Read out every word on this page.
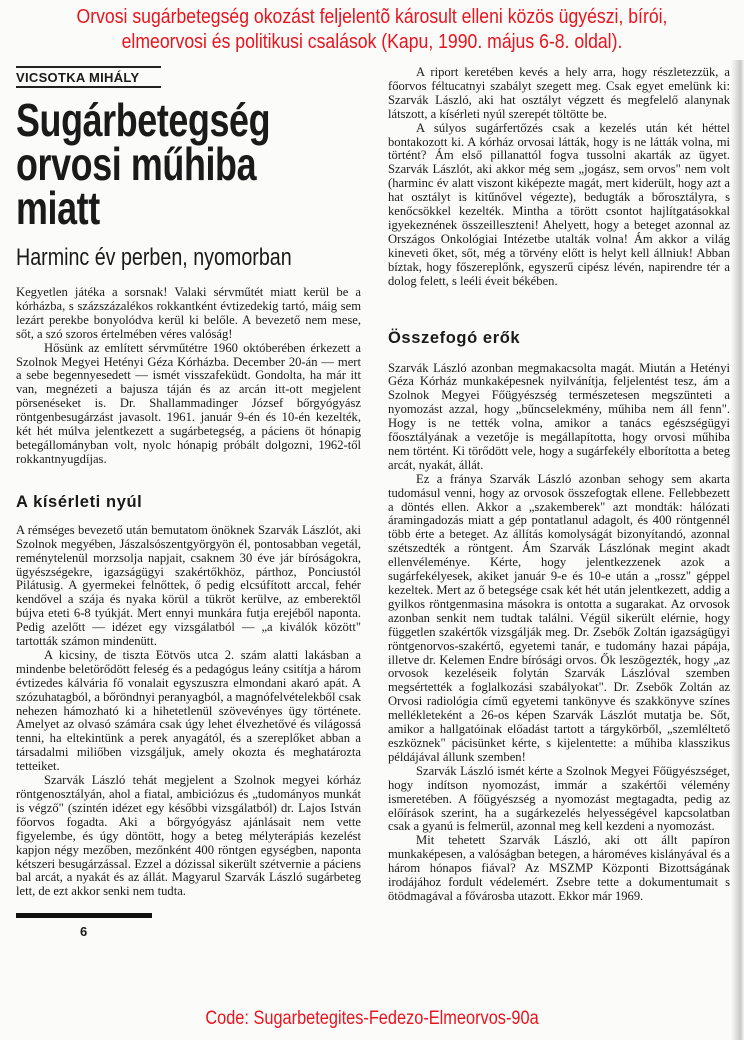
Orvosi sugárbetegség okozást feljelentõ károsult elleni közös ügyészi, bírói,
elmeorvosi és politikusi csalások (Kapu, 1990. május 6-8. oldal).
VICSOTKA MIHÁLY
Sugárbetegség
orvosi műhiba
miatt
Harminc év perben, nyomorban

Kegyetlen játéka a sorsnak! Valaki sérvműtét miatt kerül be a kórházba, s százszázalékos rokkantként évtizedekig tartó, máig sem lezárt perekbe bonyolódva kerül ki belőle. A bevezető nem mese, sőt, a szó szoros értelmében véres valóság!

Hősünk az említett sérvműtétre 1960 októberében érkezett a Szolnok Megyei Hetényi Géza Kórházba. December 20-án — mert a sebe begennyesedett — ismét visszafeküdt. Gondolta, ha már itt van, megnézeti a bajusza táján és az arcán itt-ott megjelent pörsenéseket is. Dr. Shallammadinger József bőrgyógyász röntgenbesugárzást javasolt. 1961. január 9-én és 10-én kezelték, két hét múlva jelentkezett a sugárbetegség, a páciens öt hónapig betegállományban volt, nyolc hónapig próbált dolgozni, 1962-től rokkantnyugdíjas.

A kísérleti nyúl

A rémséges bevezető után bemutatom önöknek Szarvák Lászlót, aki Szolnok megyében, Jászalsószentgyörgyön él, pontosabban vegetál, reménytelenül morzsolja napjait, csaknem 30 éve jár bíróságokra, ügyészségekre, igazságügyi szakértőkhöz, párthoz, Ponciustól Pilátusig. A gyermekei felnőttek, ő pedig elcsúfított arccal, fehér kendővel a szája és nyaka körül a tükröt kerülve, az emberektől bújva eteti 6-8 tyúkját. Mert ennyi munkára futja erejéből naponta. Pedig azelőtt — idézet egy vizsgálatból — „a kiválók között" tartották számon mindenütt.

A kicsiny, de tiszta Eötvös utca 2. szám alatti lakásban a mindenbe beletörődött feleség és a pedagógus leány csitítja a három évtizedes kálvária fő vonalait egyszuszra elmondani akaró apát. A szózuhatagból, a bőröndnyi peranyagból, a magnófelvételekből csak nehezen hámozható ki a hihetetlenül szövevényes ügy története. Amelyet az olvasó számára csak úgy lehet élvezhetővé és világossá tenni, ha eltekintünk a perek anyagától, és a szereplőket abban a társadalmi miliőben vizsgáljuk, amely okozta és meghatározta tetteiket.

Szarvák László tehát megjelent a Szolnok megyei kórház röntgenosztályán, ahol a fiatal, ambiciózus és „tudományos munkát is végző" (szintén idézet egy későbbi vizsgálatból) dr. Lajos István főorvos fogadta. Aki a bőrgyógyász ajánlásait nem vette figyelembe, és úgy döntött, hogy a beteg mélyterápiás kezelést kapjon négy mezőben, mezőnként 400 röntgen egységben, naponta kétszeri besugárzással. Ezzel a dózissal sikerült szétvernie a páciens bal arcát, a nyakát és az állát. Magyarul Szarvák László sugárbeteg lett, de ezt akkor senki nem tudta.

6

A riport keretében kevés a hely arra, hogy részletezzük, a főorvos féltucatnyi szabályt szegett meg. Csak egyet emelünk ki: Szarvák László, aki hat osztályt végzett és megfelelő alanynak látszott, a kísérleti nyúl szerepét töltötte be.

A súlyos sugárfertőzés csak a kezelés után két héttel bontakozott ki. A kórház orvosai látták, hogy is ne látták volna, mi történt? Ám első pillanattól fogva tussolni akarták az ügyet. Szarvák Lászlót, aki akkor még sem „jogász, sem orvos" nem volt (harminc év alatt viszont kiképezte magát, mert kiderült, hogy azt a hat osztályt is kitűnővel végezte), bedugták a bőrosztályra, s kenőcsökkel kezelték. Mintha a törött csontot hajlítgatásokkal igyekeznének összeilleszteni! Ahelyett, hogy a beteget azonnal az Országos Onkológiai Intézetbe utalták volna! Ám akkor a világ kineveti őket, sőt, még a törvény előtt is helyt kell állniuk! Abban bíztak, hogy főszereplőnk, egyszerű cipész lévén, napirendre tér a dolog felett, s leéli éveit békében.

Összefogó erők

Szarvák László azonban megmakacsolta magát. Miután a Hetényi Géza Kórház munkaképesnek nyilvánítja, feljelentést tesz, ám a Szolnok Megyei Főügyészség természetesen megszünteti a nyomozást azzal, hogy „bűncselekmény, műhiba nem áll fenn". Hogy is ne tették volna, amikor a tanács egészségügyi főosztályának a vezetője is megállapította, hogy orvosi műhiba nem történt. Ki törődött vele, hogy a sugárfekély elborította a beteg arcát, nyakát, állát.

Ez a fránya Szarvák László azonban sehogy sem akarta tudomásul venni, hogy az orvosok összefogtak ellene. Fellebbezett a döntés ellen. Akkor a „szakemberek" azt mondták: hálózati áramingadozás miatt a gép pontatlanul adagolt, és 400 röntgennél több érte a beteget. Az állítás komolyságát bizonyítandó, azonnal szétszedték a röntgent. Ám Szarvák Lászlónak megint akadt ellenvéleménye. Kérte, hogy jelentkezzenek azok a sugárfekélyesek, akiket január 9-e és 10-e után a „rossz" géppel kezeltek. Mert az ő betegsége csak két hét után jelentkezett, addig a gyilkos röntgenmasina másokra is ontotta a sugarakat. Az orvosok azonban senkit nem tudtak találni. Végül sikerült elérnie, hogy független szakértők vizsgálják meg. Dr. Zsebők Zoltán igazságügyi röntgenorvos-szakértő, egyetemi tanár, e tudomány hazai pápája, illetve dr. Kelemen Endre bírósági orvos. Ők leszögezték, hogy „az orvosok kezeléseik folytán Szarvák Lászlóval szemben megsértették a foglalkozási szabályokat". Dr. Zsebők Zoltán az Orvosi radiológia című egyetemi tankönyve és szakkönyve színes mellékleteként a 26-os képen Szarvák Lászlót mutatja be. Sőt, amikor a hallgatóinak előadást tartott a tárgykörből, „szemléltető eszköznek" pácisünket kérte, s kijelentette: a műhiba klasszikus példájával állunk szemben!

Szarvák László ismét kérte a Szolnok Megyei Főügyészséget, hogy indítson nyomozást, immár a szakértői vélemény ismeretében. A főügyészség a nyomozást megtagadta, pedig az előírások szerint, ha a sugárkezelés helyességével kapcsolatban csak a gyanú is felmerül, azonnal meg kell kezdeni a nyomozást.

Mit tehetett Szarvák László, aki ott állt papíron munkaképesen, a valóságban betegen, a hároméves kislányával és a három hónapos fiával? Az MSZMP Központi Bizottságának irodájához fordult védelemért. Zsebre tette a dokumentumait s ötödmagával a fővárosba utazott. Ekkor már 1969.

Code: Sugarbetegites-Fedezo-Elmeorvos-90a
